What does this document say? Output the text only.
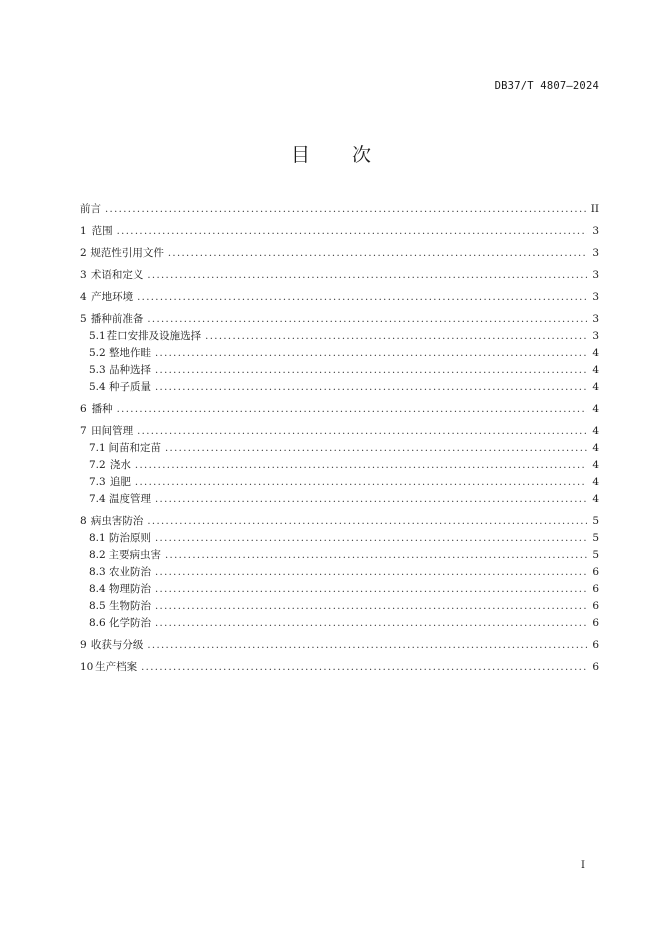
DB37/T 4807—2024
目 次
前言 . . .	II
1 范围 . . .	3
2 规范性引用文件 . . .	3
3 术语和定义 . . .	3
4 产地环境 . . .	3
5 播种前准备 . . .	3
5.1 茬口安排及设施选择 . . .	3
5.2 整地作畦 . . .	4
5.3 品种选择 . . .	4
5.4 种子质量 . . .	4
6 播种 . . .	4
7 田间管理 . . .	4
7.1 间苗和定苗 . . .	4
7.2 浇水 . . .	4
7.3 追肥 . . .	4
7.4 温度管理 . . .	4
8 病虫害防治 . . .	5
8.1 防治原则 . . .	5
8.2 主要病虫害 . . .	5
8.3 农业防治 . . .	6
8.4 物理防治 . . .	6
8.5 生物防治 . . .	6
8.6 化学防治 . . .	6
9 收获与分级 . . .	6
10 生产档案 . . .	6
I
